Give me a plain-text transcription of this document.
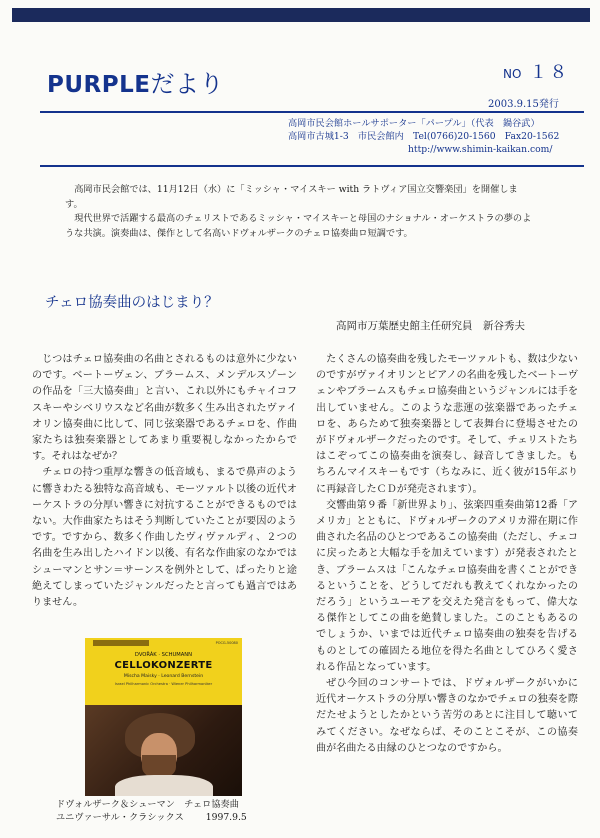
PURPLEだより	NO １８
2003.9.15発行
高岡市民会館ホールサポーター「パープル」（代表　鍋谷武）
高岡市古城1-3　市民会館内　Tel(0766)20-1560　Fax20-1562
http://www.shimin-kaikan.com/

高岡市民会館では、11月12日（水）に「ミッシャ・マイスキー with ラトヴィア国立交響楽団」を開催します。

現代世界で活躍する最高のチェリストであるミッシャ・マイスキーと母国のナショナル・オーケストラの夢のような共演。演奏曲は、傑作として名高いドヴォルザークのチェロ協奏曲ロ短調です。

チェロ協奏曲のはじまり？
高岡市万葉歴史館主任研究員　新谷秀夫

じつはチェロ協奏曲の名曲とされるものは意外に少ないのです。ベートーヴェン、ブラームス、メンデルスゾーンの作品を「三大協奏曲」と言い、これ以外にもチャイコフスキーやシベリウスなど名曲が数多く生み出されたヴァイオリン協奏曲に比して、同じ弦楽器であるチェロを、作曲家たちは独奏楽器としてあまり重要視しなかったからです。それはなぜか？

チェロの持つ重厚な響きの低音域も、まるで鼻声のように響きわたる独特な高音域も、モーツァルト以後の近代オーケストラの分厚い響きに対抗することができるものではない。大作曲家たちはそう判断していたことが要因のようです。ですから、数多く作曲したヴィヴァルディ、２つの名曲を生み出したハイドン以後、有名な作曲家のなかではシューマンとサン＝サーンスを例外として、ぱったりと途絶えてしまっていたジャンルだったと言っても過言ではありません。

たくさんの協奏曲を残したモーツァルトも、数は少ないのですがヴァイオリンとピアノの名曲を残したベートーヴェンやブラームスもチェロ協奏曲というジャンルには手を出していません。このような悲運の弦楽器であったチェロを、あらためて独奏楽器として表舞台に登場させたのがドヴォルザークだったのです。そして、チェリストたちはこぞってこの協奏曲を演奏し、録音してきました。もちろんマイスキーもです（ちなみに、近く彼が15年ぶりに再録音したＣＤが発売されます）。

交響曲第９番「新世界より」、弦楽四重奏曲第12番「アメリカ」とともに、ドヴォルザークのアメリカ滞在期に作曲された名品のひとつであるこの協奏曲（ただし、チェコに戻ったあと大幅な手を加えています）が発表されたとき、ブラームスは「こんなチェロ協奏曲を書くことができるということを、どうしてだれも教えてくれなかったのだろう」というユーモアを交えた発言をもって、偉大なる傑作としてこの曲を絶賛しました。このこともあるのでしょうか、いまでは近代チェロ協奏曲の独奏を告げるものとしての確固たる地位を得た名曲としてひろく愛される作品となっています。

ぜひ今回のコンサートでは、ドヴォルザークがいかに近代オーケストラの分厚い響きのなかでチェロの独奏を際だたせようとしたかという苦労のあとに注目して聴いてみてください。なぜならば、そのことこそが、この協奏曲が名曲たる由縁のひとつなのですから。

POCG-50080
DVOŘÁK · SCHUMANN
CELLOKONZERTE
Mischa Maisky · Leonard Bernstein
Israel Philharmonic Orchestra · Wiener Philharmoniker
ドヴォルザーク＆シューマン　チェロ協奏曲
ユニヴァーサル・クラシックス 1997.9.5
